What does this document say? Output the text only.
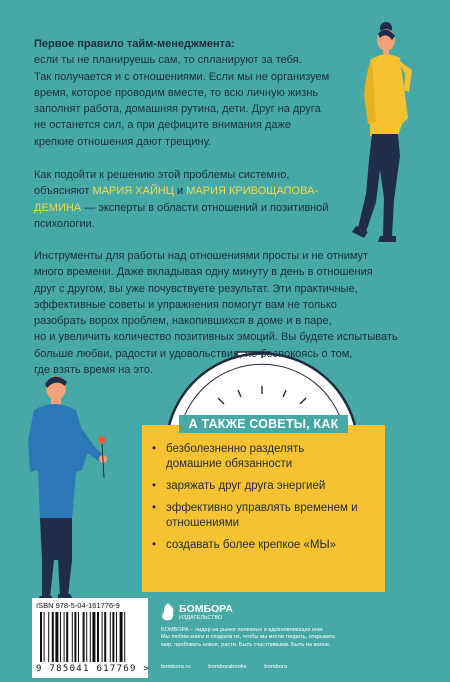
Первое правило тайм-менеджмента:
если ты не планируешь сам, то спланируют за тебя.
Так получается и с отношениями. Если мы не организуем
время, которое проводим вместе, то всю личную жизнь
заполнят работа, домашняя рутина, дети. Друг на друга
не останется сил, а при дефиците внимания даже
крепкие отношения дают трещину.
Как подойти к решению этой проблемы системно,
объясняют МАРИЯ ХАЙНЦ и МАРИЯ КРИВОЩАПОВА-
ДЕМИНА — эксперты в области отношений и позитивной
психологии.
Инструменты для работы над отношениями просты и не отнимут
много времени. Даже вкладывая одну минуту в день в отношения
друг с другом, вы уже почувствуете результат. Эти практичные,
эффективные советы и упражнения помогут вам не только
разобрать ворох проблем, накопившихся в доме и в паре,
но и увеличить количество позитивных эмоций. Вы будете испытывать
больше любви, радости и удовольствия, не беспокоясь о том,
где взять время на это.
А ТАКЖЕ СОВЕТЫ, КАК
• безболезненно разделять
домашние обязанности
• заряжать друг друга энергией
• эффективно управлять временем и
отношениями
• создавать более крепкое «МЫ»
ISBN 978-5-04-161776-9
9 785041 617769 >
БОМБОРА
ИЗДАТЕЛЬСТВО
БОМБОРА – лидер на рынке полезных и вдохновляющих книг.
Мы любим книги и создаем их, чтобы вы могли творить, открывать
мир, пробовать новое, расти. Быть счастливыми. Быть на волне.
bombora.ru	bomborabooks	bombora
